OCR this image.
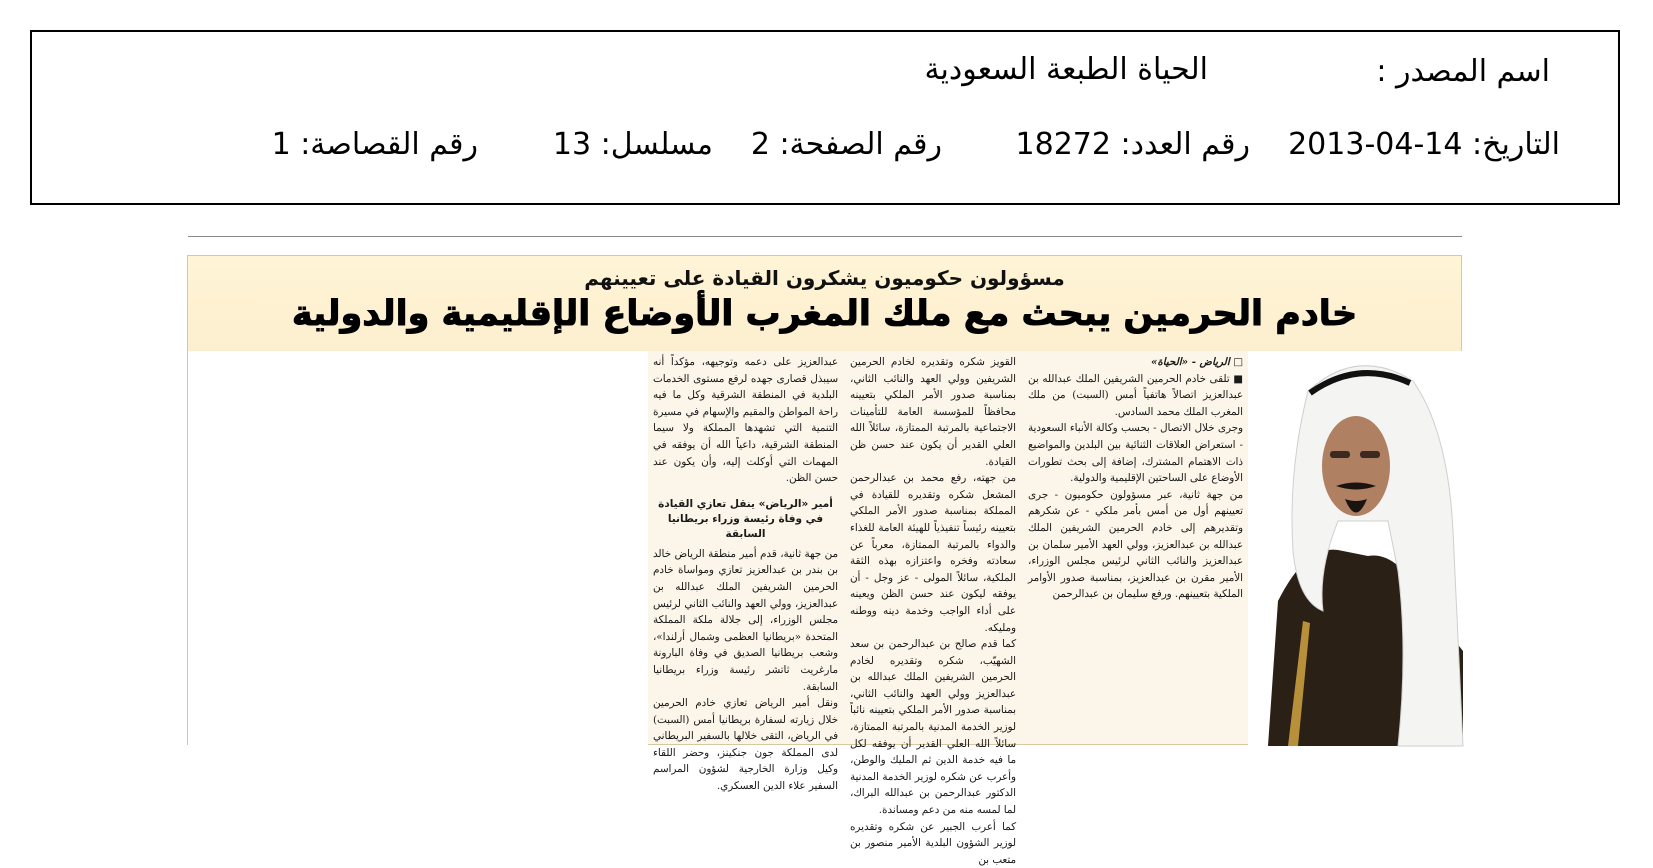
اسم المصدر :
الحياة الطبعة السعودية
التاريخ: 14-04-2013
رقم العدد: 18272
رقم الصفحة: 2
مسلسل: 13
رقم القصاصة: 1
مسؤولون حكوميون يشكرون القيادة على تعيينهم
خادم الحرمين يبحث مع ملك المغرب الأوضاع الإقليمية والدولية

عبدالعزيز على دعمه وتوجيهه، مؤكداً أنه سيبذل قصارى جهده لرفع مستوى الخدمات البلدية في المنطقة الشرقية وكل ما فيه راحة المواطن والمقيم والإسهام في مسيرة التنمية التي تشهدها المملكة ولا سيما المنطقة الشرقية، داعياً الله أن يوفقه في المهمات التي أوكلت إليه، وأن يكون عند حسن الظن.

أمير «الرياض» ينقل تعازي القيادة في وفاة رئيسة وزراء بريطانيا السابقة

من جهة ثانية، قدم أمير منطقة الرياض خالد بن بندر بن عبدالعزيز تعازي ومواساة خادم الحرمين الشريفين الملك عبدالله بن عبدالعزيز، وولي العهد والنائب الثاني لرئيس مجلس الوزراء، إلى جلالة ملكة المملكة المتحدة «بريطانيا العظمى وشمال أرلندا»، وشعب بريطانيا الصديق في وفاة البارونة مارغريت ثاتشر رئيسة وزراء بريطانيا السابقة.

ونقل أمير الرياض تعازي خادم الحرمين خلال زيارته لسفارة بريطانيا أمس (السبت) في الرياض، التقى خلالها بالسفير البريطاني لدى المملكة جون جنكينز، وحضر اللقاء وكيل وزارة الخارجية لشؤون المراسم السفير علاء الدين العسكري.

القويز شكره وتقديره لخادم الحرمين الشريفين وولي العهد والنائب الثاني، بمناسبة صدور الأمر الملكي بتعيينه محافظاً للمؤسسة العامة للتأمينات الاجتماعية بالمرتبة الممتازة، سائلاً الله العلي القدير أن يكون عند حسن ظن القيادة.

من جهته، رفع محمد بن عبدالرحمن المشعل شكره وتقديره للقيادة في المملكة بمناسبة صدور الأمر الملكي بتعيينه رئيساً تنفيذياً للهيئة العامة للغذاء والدواء بالمرتبة الممتازة، معرباً عن سعادته وفخره واعتزازه بهذه الثقة الملكية، سائلاً المولى - عز وجل - أن يوفقه ليكون عند حسن الظن ويعينه على أداء الواجب وخدمة دينه ووطنه ومليكه.

كما قدم صالح بن عبدالرحمن بن سعد الشهيّب، شكره وتقديره لخادم الحرمين الشريفين الملك عبدالله بن عبدالعزيز وولي العهد والنائب الثاني، بمناسبة صدور الأمر الملكي بتعيينه نائباً لوزير الخدمة المدنية بالمرتبة الممتازة، سائلاً الله العلي القدير أن يوفقه لكل ما فيه خدمة الدين ثم المليك والوطن، وأعرب عن شكره لوزير الخدمة المدنية الدكتور عبدالرحمن بن عبدالله البراك، لما لمسه منه من دعم ومساندة.

كما أعرب الجبير عن شكره وتقديره لوزير الشؤون البلدية الأمير منصور بن متعب بن

□ الرياض - «الحياة»

■ تلقى خادم الحرمين الشريفين الملك عبدالله بن عبدالعزيز اتصالاً هاتفياً أمس (السبت) من ملك المغرب الملك محمد السادس.

وجرى خلال الاتصال - بحسب وكالة الأنباء السعودية - استعراض العلاقات الثنائية بين البلدين والمواضيع ذات الاهتمام المشترك، إضافة إلى بحث تطورات الأوضاع على الساحتين الإقليمية والدولية.

من جهة ثانية، عبر مسؤولون حكوميون - جرى تعيينهم أول من أمس بأمر ملكي - عن شكرهم وتقديرهم إلى خادم الحرمين الشريفين الملك عبدالله بن عبدالعزيز، وولي العهد الأمير سلمان بن عبدالعزيز والنائب الثاني لرئيس مجلس الوزراء، الأمير مقرن بن عبدالعزيز، بمناسبة صدور الأوامر الملكية بتعيينهم. ورفع سليمان بن عبدالرحمن
